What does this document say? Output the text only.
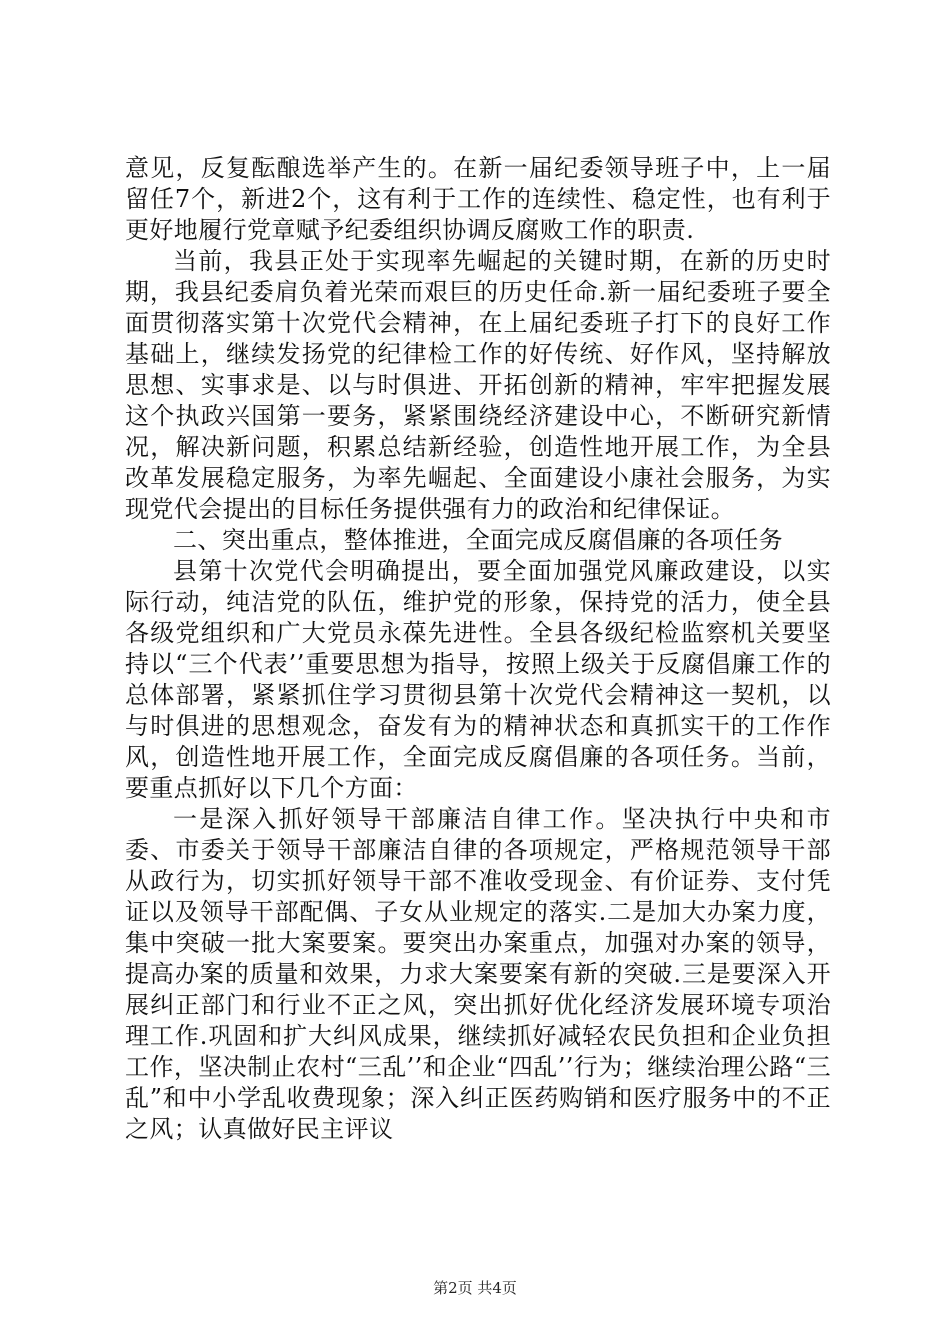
意见，反复酝酿选举产生的。在新一届纪委领导班子中，上一届留任7个，新进2个，这有利于工作的连续性、稳定性，也有利于更好地履行党章赋予纪委组织协调反腐败工作的职责.

当前，我县正处于实现率先崛起的关键时期，在新的历史时期，我县纪委肩负着光荣而艰巨的历史任命.新一届纪委班子要全面贯彻落实第十次党代会精神，在上届纪委班子打下的良好工作基础上，继续发扬党的纪律检工作的好传统、好作风，坚持解放思想、实事求是、以与时俱进、开拓创新的精神，牢牢把握发展这个执政兴国第一要务，紧紧围绕经济建设中心，不断研究新情况，解决新问题，积累总结新经验，创造性地开展工作，为全县改革发展稳定服务，为率先崛起、全面建设小康社会服务，为实现党代会提出的目标任务提供强有力的政治和纪律保证。

二、突出重点，整体推进，全面完成反腐倡廉的各项任务

县第十次党代会明确提出，要全面加强党风廉政建设，以实际行动，纯洁党的队伍，维护党的形象，保持党的活力，使全县各级党组织和广大党员永葆先进性。全县各级纪检监察机关要坚持以“三个代表’’重要思想为指导，按照上级关于反腐倡廉工作的总体部署，紧紧抓住学习贯彻县第十次党代会精神这一契机，以与时俱进的思想观念，奋发有为的精神状态和真抓实干的工作作风，创造性地开展工作，全面完成反腐倡廉的各项任务。当前，要重点抓好以下几个方面：

一是深入抓好领导干部廉洁自律工作。坚决执行中央和市委、市委关于领导干部廉洁自律的各项规定，严格规范领导干部从政行为，切实抓好领导干部不准收受现金、有价证券、支付凭证以及领导干部配偶、子女从业规定的落实.二是加大办案力度，集中突破一批大案要案。要突出办案重点，加强对办案的领导，提高办案的质量和效果，力求大案要案有新的突破.三是要深入开展纠正部门和行业不正之风，突出抓好优化经济发展环境专项治理工作.巩固和扩大纠风成果，继续抓好减轻农民负担和企业负担工作，坚决制止农村“三乱’’和企业“四乱’’行为；继续治理公路“三乱”和中小学乱收费现象；深入纠正医药购销和医疗服务中的不正之风；认真做好民主评议

第2页 共4页
